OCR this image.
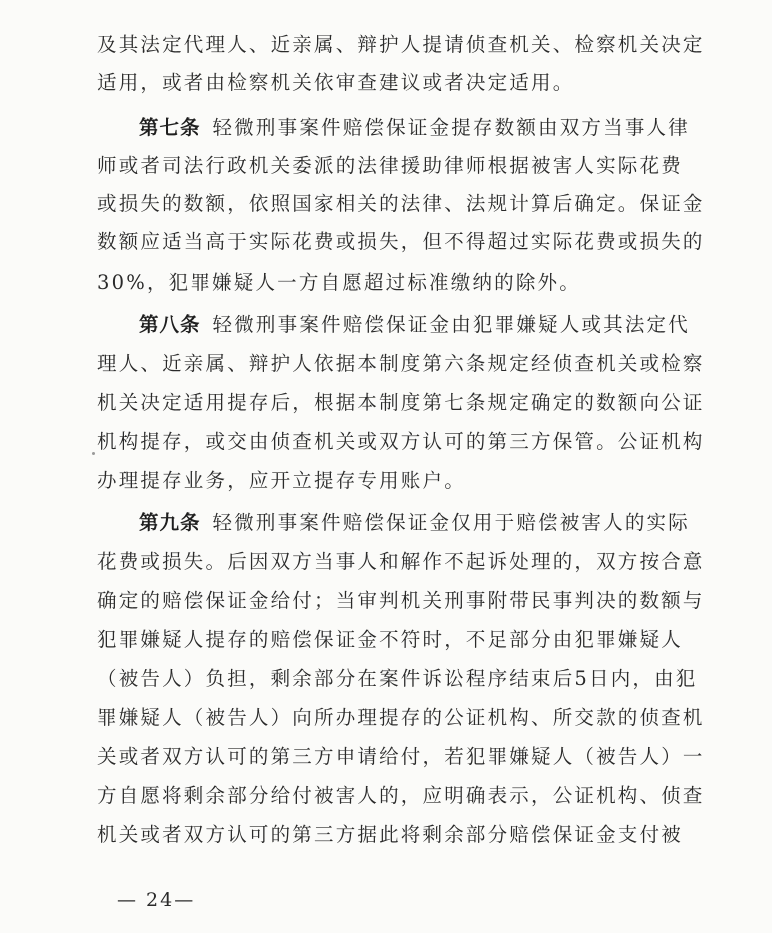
及其法定代理人、近亲属、辩护人提请侦查机关、检察机关决定
适用，或者由检察机关依审查建议或者决定适用。
第七条 轻微刑事案件赔偿保证金提存数额由双方当事人律
师或者司法行政机关委派的法律援助律师根据被害人实际花费
或损失的数额，依照国家相关的法律、法规计算后确定。保证金
数额应适当高于实际花费或损失，但不得超过实际花费或损失的
30%，犯罪嫌疑人一方自愿超过标准缴纳的除外。
第八条 轻微刑事案件赔偿保证金由犯罪嫌疑人或其法定代
理人、近亲属、辩护人依据本制度第六条规定经侦查机关或检察
机关决定适用提存后，根据本制度第七条规定确定的数额向公证
机构提存，或交由侦查机关或双方认可的第三方保管。公证机构
办理提存业务，应开立提存专用账户。
第九条 轻微刑事案件赔偿保证金仅用于赔偿被害人的实际
花费或损失。后因双方当事人和解作不起诉处理的，双方按合意
确定的赔偿保证金给付；当审判机关刑事附带民事判决的数额与
犯罪嫌疑人提存的赔偿保证金不符时，不足部分由犯罪嫌疑人
（被告人）负担，剩余部分在案件诉讼程序结束后5日内，由犯
罪嫌疑人（被告人）向所办理提存的公证机构、所交款的侦查机
关或者双方认可的第三方申请给付，若犯罪嫌疑人（被告人）一
方自愿将剩余部分给付被害人的，应明确表示，公证机构、侦查
机关或者双方认可的第三方据此将剩余部分赔偿保证金支付被
— 24—
